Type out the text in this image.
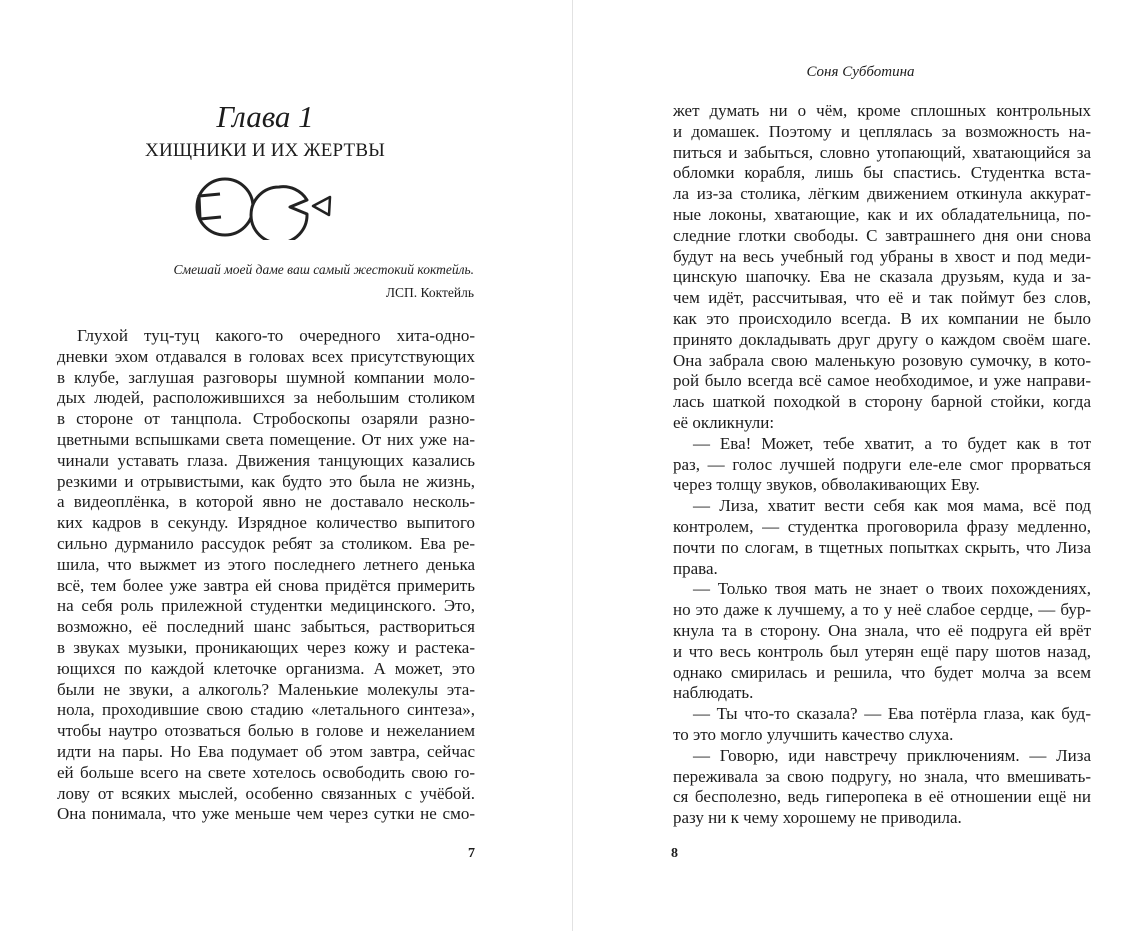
Глава 1
ХИЩНИКИ И ИХ ЖЕРТВЫ
Смешай моей даме ваш самый жестокий коктейль.
ЛСП. Коктейль
Глухой туц-туц какого-то очередного хита-одно-
дневки эхом отдавался в головах всех присутствующих
в клубе, заглушая разговоры шумной компании моло-
дых людей, расположившихся за небольшим столиком
в стороне от танцпола. Стробоскопы озаряли разно-
цветными вспышками света помещение. От них уже на-
чинали уставать глаза. Движения танцующих казались
резкими и отрывистыми, как будто это была не жизнь,
а видеоплёнка, в которой явно не доставало несколь-
ких кадров в секунду. Изрядное количество выпитого
сильно дурманило рассудок ребят за столиком. Ева ре-
шила, что выжмет из этого последнего летнего денька
всё, тем более уже завтра ей снова придётся примерить
на себя роль прилежной студентки медицинского. Это,
возможно, её последний шанс забыться, раствориться
в звуках музыки, проникающих через кожу и растека-
ющихся по каждой клеточке организма. А может, это
были не звуки, а алкоголь? Маленькие молекулы эта-
нола, проходившие свою стадию «летального синтеза»,
чтобы наутро отозваться болью в голове и нежеланием
идти на пары. Но Ева подумает об этом завтра, сейчас
ей больше всего на свете хотелось освободить свою го-
лову от всяких мыслей, особенно связанных с учёбой.
Она понимала, что уже меньше чем через сутки не смо-
7
Соня Субботина
жет думать ни о чём, кроме сплошных контрольных
и домашек. Поэтому и цеплялась за возможность на-
питься и забыться, словно утопающий, хватающийся за
обломки корабля, лишь бы спастись. Студентка вста-
ла из-за столика, лёгким движением откинула аккурат-
ные локоны, хватающие, как и их обладательница, по-
следние глотки свободы. С завтрашнего дня они снова
будут на весь учебный год убраны в хвост и под меди-
цинскую шапочку. Ева не сказала друзьям, куда и за-
чем идёт, рассчитывая, что её и так поймут без слов,
как это происходило всегда. В их компании не было
принято докладывать друг другу о каждом своём шаге.
Она забрала свою маленькую розовую сумочку, в кото-
рой было всегда всё самое необходимое, и уже направи-
лась шаткой походкой в сторону барной стойки, когда
её окликнули:
— Ева! Может, тебе хватит, а то будет как в тот
раз, — голос лучшей подруги еле-еле смог прорваться
через толщу звуков, обволакивающих Еву.
— Лиза, хватит вести себя как моя мама, всё под
контролем, — студентка проговорила фразу медленно,
почти по слогам, в тщетных попытках скрыть, что Лиза
права.
— Только твоя мать не знает о твоих похождениях,
но это даже к лучшему, а то у неё слабое сердце, — бур-
кнула та в сторону. Она знала, что её подруга ей врёт
и что весь контроль был утерян ещё пару шотов назад,
однако смирилась и решила, что будет молча за всем
наблюдать.
— Ты что-то сказала? — Ева потёрла глаза, как буд-
то это могло улучшить качество слуха.
— Говорю, иди навстречу приключениям. — Лиза
переживала за свою подругу, но знала, что вмешивать-
ся бесполезно, ведь гиперопека в её отношении ещё ни
разу ни к чему хорошему не приводила.
8
